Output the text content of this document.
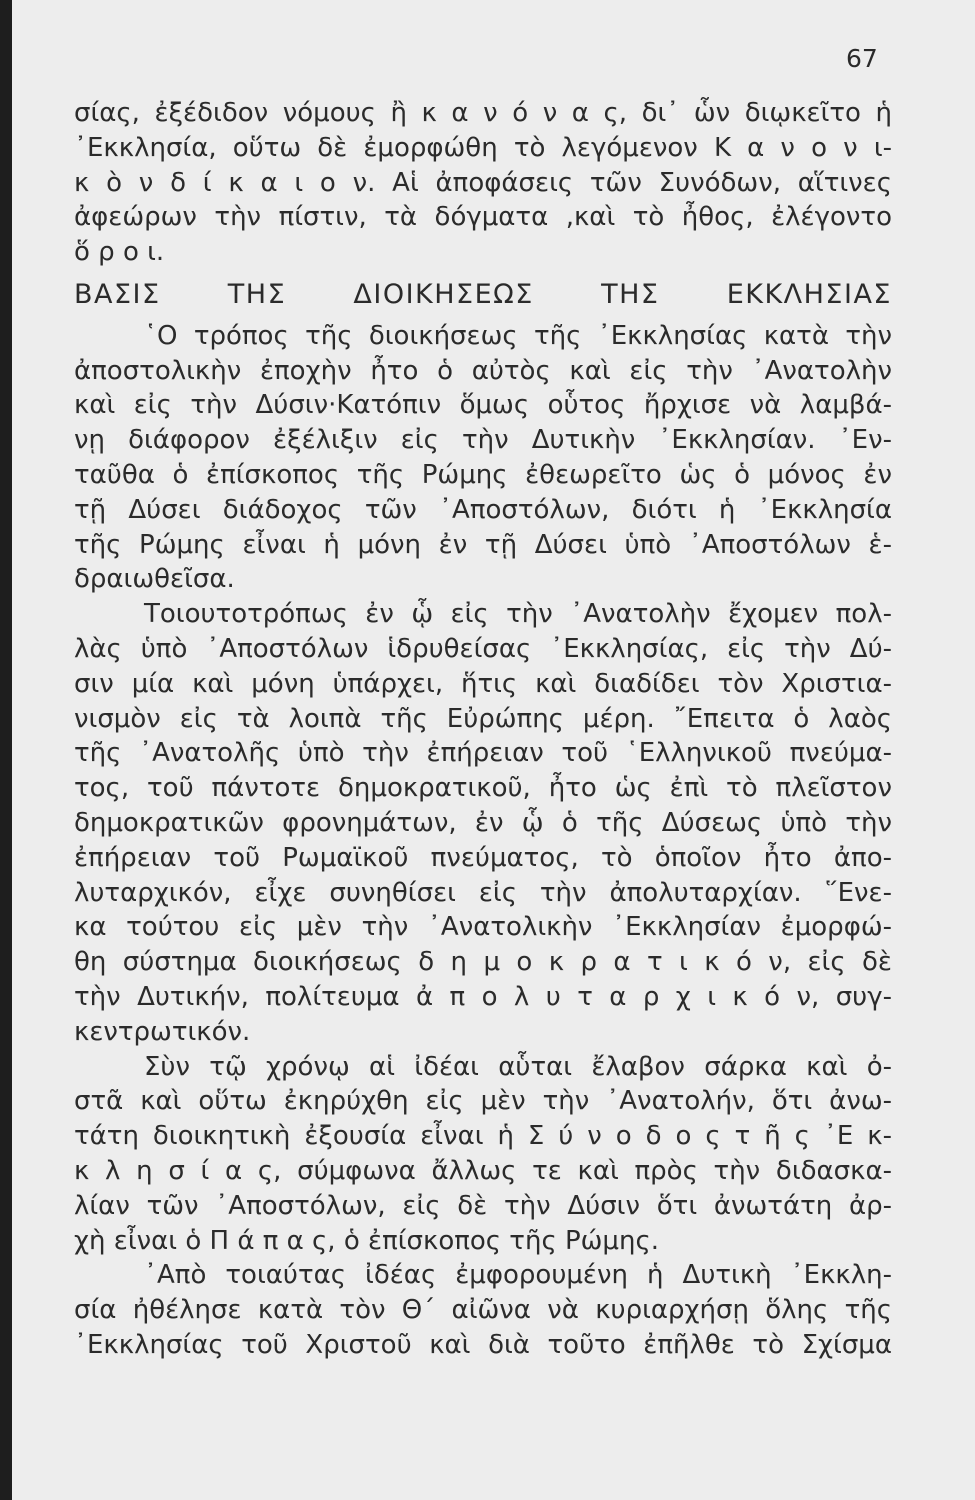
67

σίας, ἐξέδιδον νόμους ἢ κ α ν ό ν α ς, δι᾽ ὧν διῳκεῖτο ἡ

᾽Εκκλησία, οὕτω δὲ ἐμορφώθη τὸ λεγόμενον Κ α ν ο ν ι-

κ ὸ ν δ ί κ α ι ο ν. Αἱ ἀποφάσεις τῶν Συνόδων, αἵτινες

ἀφεώρων τὴν πίστιν, τὰ δόγματα ,καὶ τὸ ἦθος, ἐλέγοντο

ὅ ρ ο ι.

ΒΑΣΙΣ ΤΗΣ ΔΙΟΙΚΗΣΕΩΣ ΤΗΣ ΕΚΚΛΗΣΙΑΣ

῾Ο τρόπος τῆς διοικήσεως τῆς ᾽Εκκλησίας κατὰ τὴν

ἀποστολικὴν ἐποχὴν ἦτο ὁ αὐτὸς καὶ εἰς τὴν ᾽Ανατολὴν

καὶ εἰς τὴν Δύσιν·Κατόπιν ὅμως οὗτος ἤρχισε νὰ λαμβά-

νῃ διάφορον ἐξέλιξιν εἰς τὴν Δυτικὴν ᾽Εκκλησίαν. ᾽Εν-

ταῦθα ὁ ἐπίσκοπος τῆς Ρώμης ἐθεωρεῖτο ὡς ὁ μόνος ἐν

τῇ Δύσει διάδοχος τῶν ᾽Αποστόλων, διότι ἡ ᾽Εκκλησία

τῆς Ρώμης εἶναι ἡ μόνη ἐν τῇ Δύσει ὑπὸ ᾽Αποστόλων ἑ-

δραιωθεῖσα.

Τοιουτοτρόπως ἐν ᾧ εἰς τὴν ᾽Ανατολὴν ἔχομεν πολ-

λὰς ὑπὸ ᾽Αποστόλων ἱδρυθείσας ᾽Εκκλησίας, εἰς τὴν Δύ-

σιν μία καὶ μόνη ὑπάρχει, ἥτις καὶ διαδίδει τὸν Χριστια-

νισμὸν εἰς τὰ λοιπὰ τῆς Εὐρώπης μέρη. ῎Επειτα ὁ λαὸς

τῆς ᾽Ανατολῆς ὑπὸ τὴν ἐπήρειαν τοῦ ῾Ελληνικοῦ πνεύμα-

τος, τοῦ πάντοτε δημοκρατικοῦ, ἦτο ὡς ἐπὶ τὸ πλεῖστον

δημοκρατικῶν φρονημάτων, ἐν ᾧ ὁ τῆς Δύσεως ὑπὸ τὴν

ἐπήρειαν τοῦ Ρωμαϊκοῦ πνεύματος, τὸ ὁποῖον ἦτο ἀπο-

λυταρχικόν, εἶχε συνηθίσει εἰς τὴν ἀπολυταρχίαν. ῞Ενε-

κα τούτου εἰς μὲν τὴν ᾽Ανατολικὴν ᾽Εκκλησίαν ἐμορφώ-

θη σύστημα διοικήσεως δ η μ ο κ ρ α τ ι κ ό ν, εἰς δὲ

τὴν Δυτικήν, πολίτευμα ἀ π ο λ υ τ α ρ χ ι κ ό ν, συγ-

κεντρωτικόν.

Σὺν τῷ χρόνῳ αἱ ἰδέαι αὗται ἔλαβον σάρκα καὶ ὀ-

στᾶ καὶ οὕτω ἐκηρύχθη εἰς μὲν τὴν ᾽Ανατολήν, ὅτι ἀνω-

τάτη διοικητικὴ ἐξουσία εἶναι ἡ Σ ύ ν ο δ ο ς τ ῆ ς ᾽Ε κ-

κ λ η σ ί α ς, σύμφωνα ἄλλως τε καὶ πρὸς τὴν διδασκα-

λίαν τῶν ᾽Αποστόλων, εἰς δὲ τὴν Δύσιν ὅτι ἀνωτάτη ἀρ-

χὴ εἶναι ὁ Π ά π α ς, ὁ ἐπίσκοπος τῆς Ρώμης.

᾽Απὸ τοιαύτας ἰδέας ἐμφορουμένη ἡ Δυτικὴ ᾽Εκκλη-

σία ἠθέλησε κατὰ τὸν Θ΄ αἰῶνα νὰ κυριαρχήσῃ ὅλης τῆς

᾽Εκκλησίας τοῦ Χριστοῦ καὶ διὰ τοῦτο ἐπῆλθε τὸ Σχίσμα
